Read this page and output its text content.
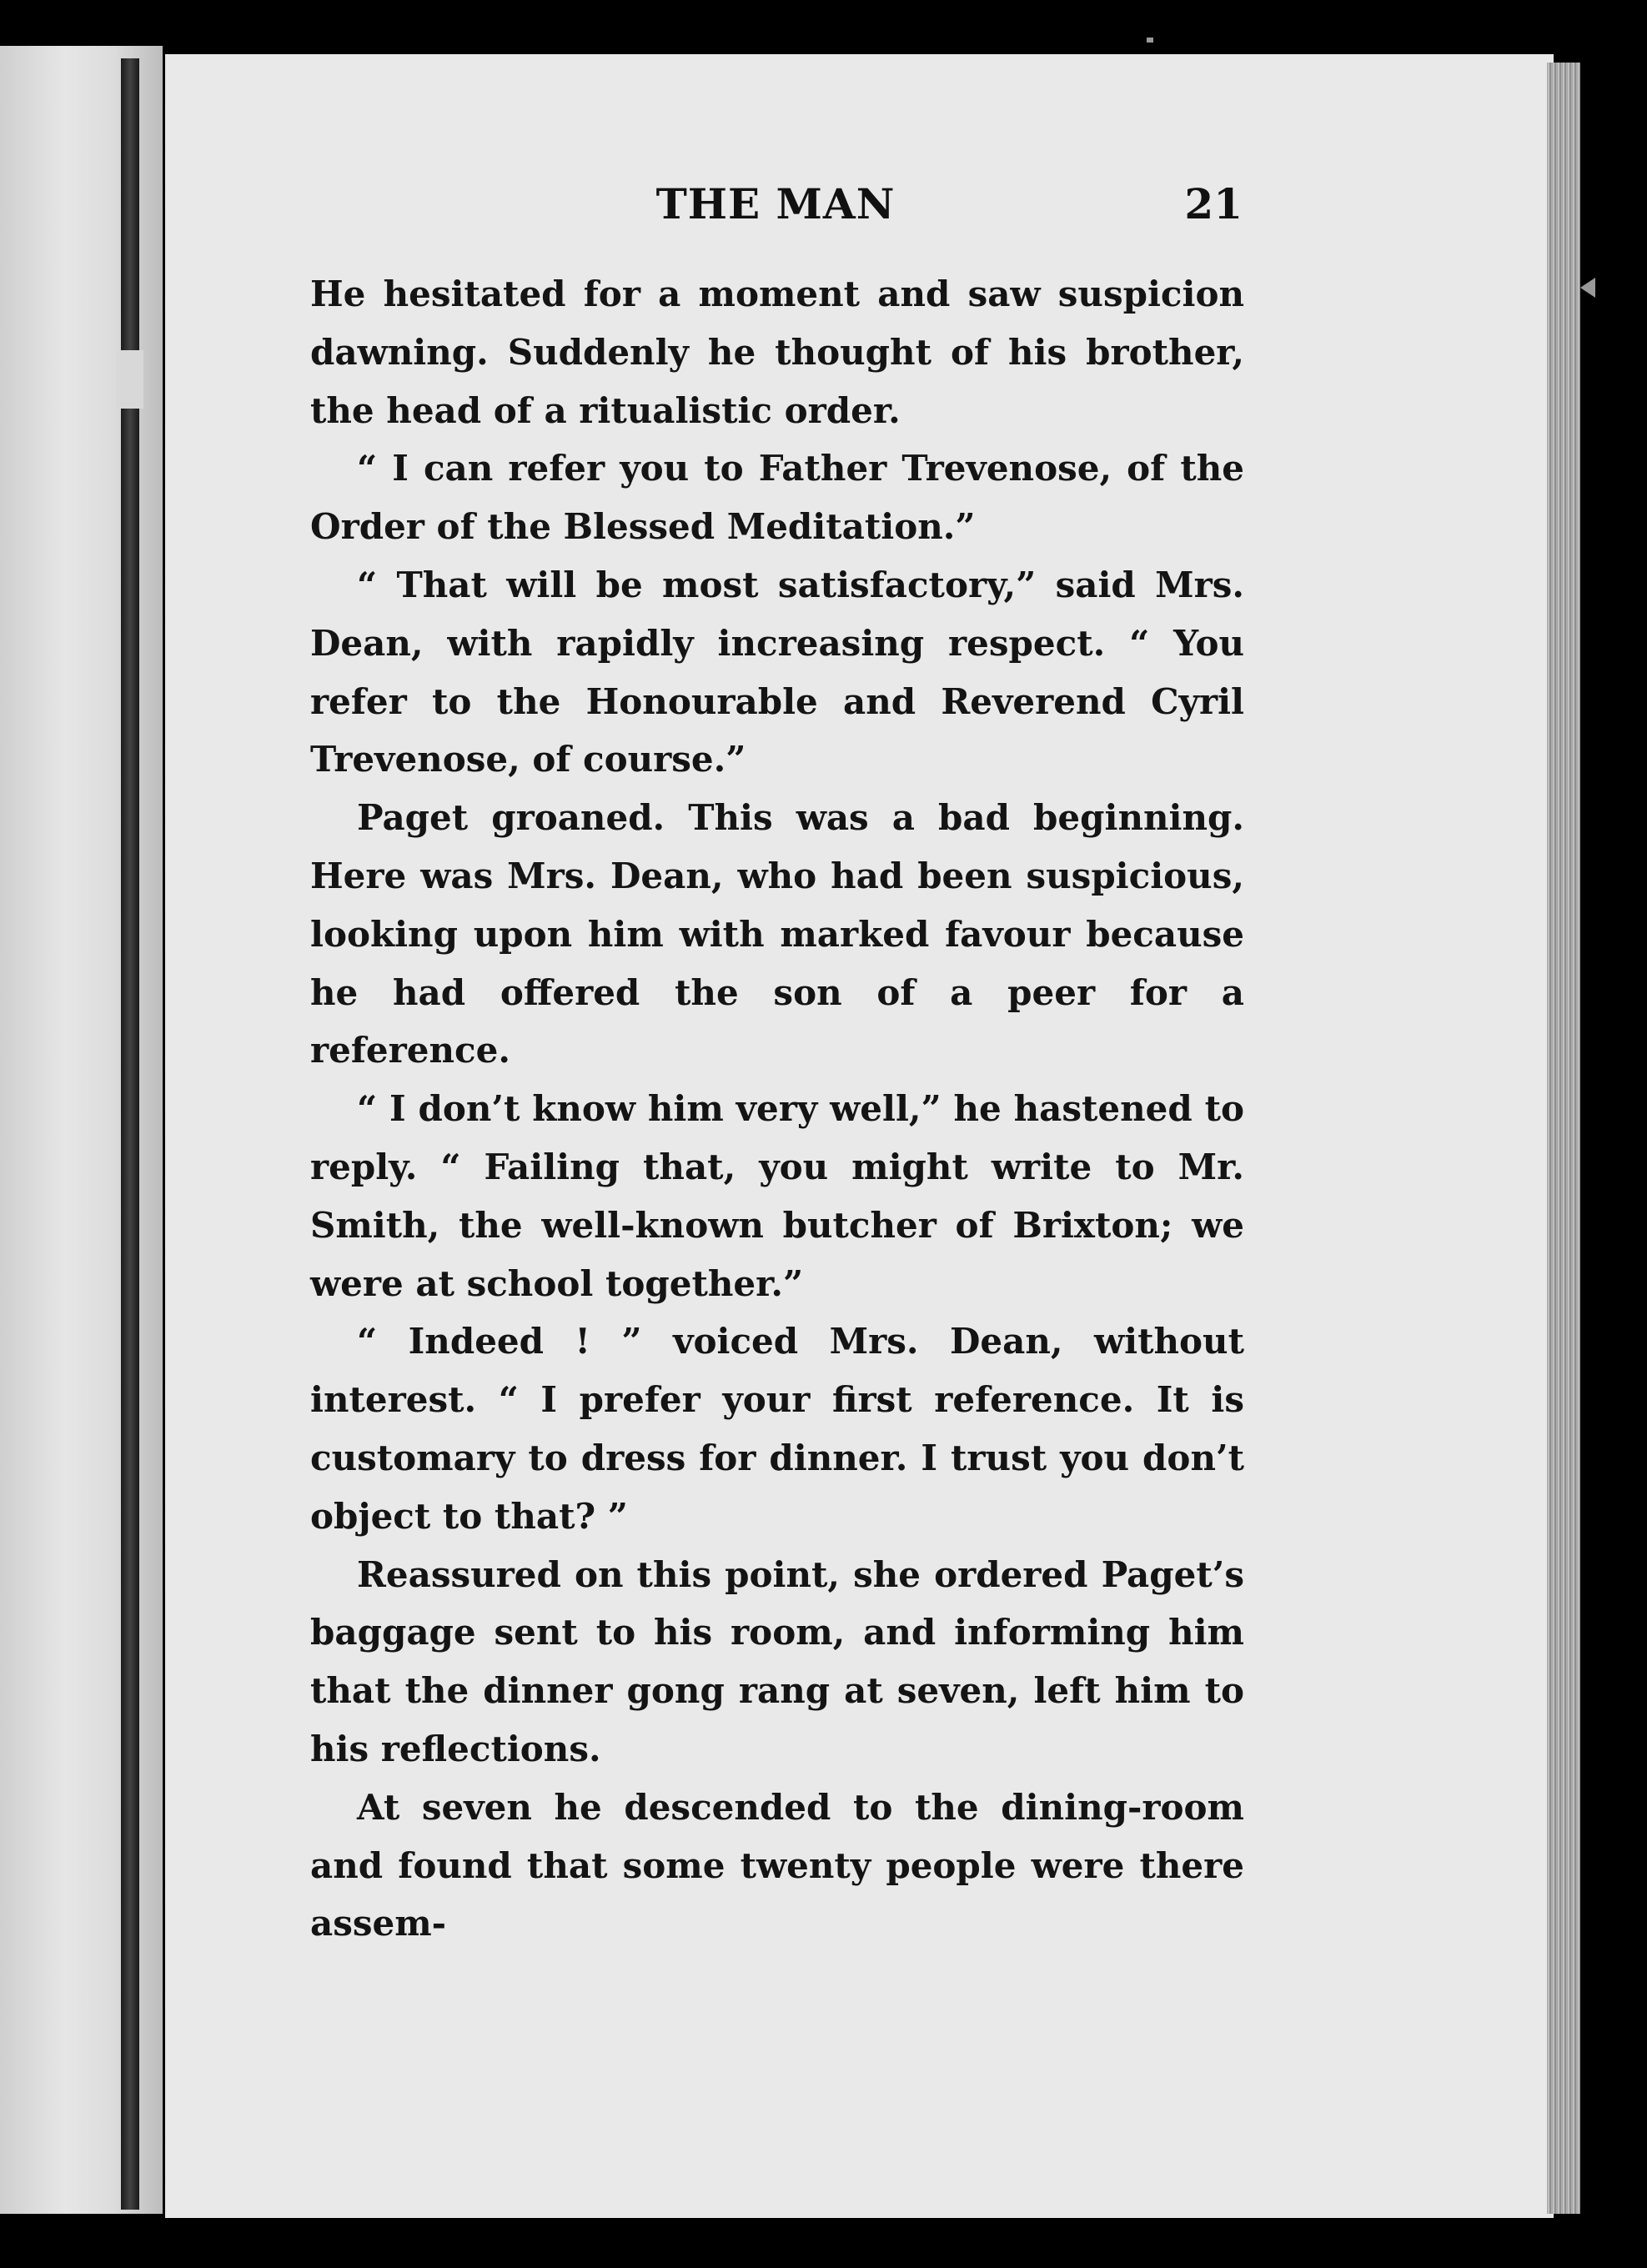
THE MAN	21

He hesitated for a moment and saw suspicion dawning. Suddenly he thought of his brother, the head of a ritualistic order.

“ I can refer you to Father Trevenose, of the Order of the Blessed Meditation.”

“ That will be most satisfactory,” said Mrs. Dean, with rapidly increasing respect. “ You refer to the Honourable and Reverend Cyril Trevenose, of course.”

Paget groaned. This was a bad beginning. Here was Mrs. Dean, who had been suspicious, looking upon him with marked favour because he had offered the son of a peer for a reference.

“ I don’t know him very well,” he hastened to reply. “ Failing that, you might write to Mr. Smith, the well-known butcher of Brixton; we were at school together.”

“ Indeed ! ” voiced Mrs. Dean, without interest. “ I prefer your first reference. It is customary to dress for dinner. I trust you don’t object to that? ”

Reassured on this point, she ordered Paget’s baggage sent to his room, and informing him that the dinner gong rang at seven, left him to his reflections.

At seven he descended to the dining-room and found that some twenty people were there assem-
